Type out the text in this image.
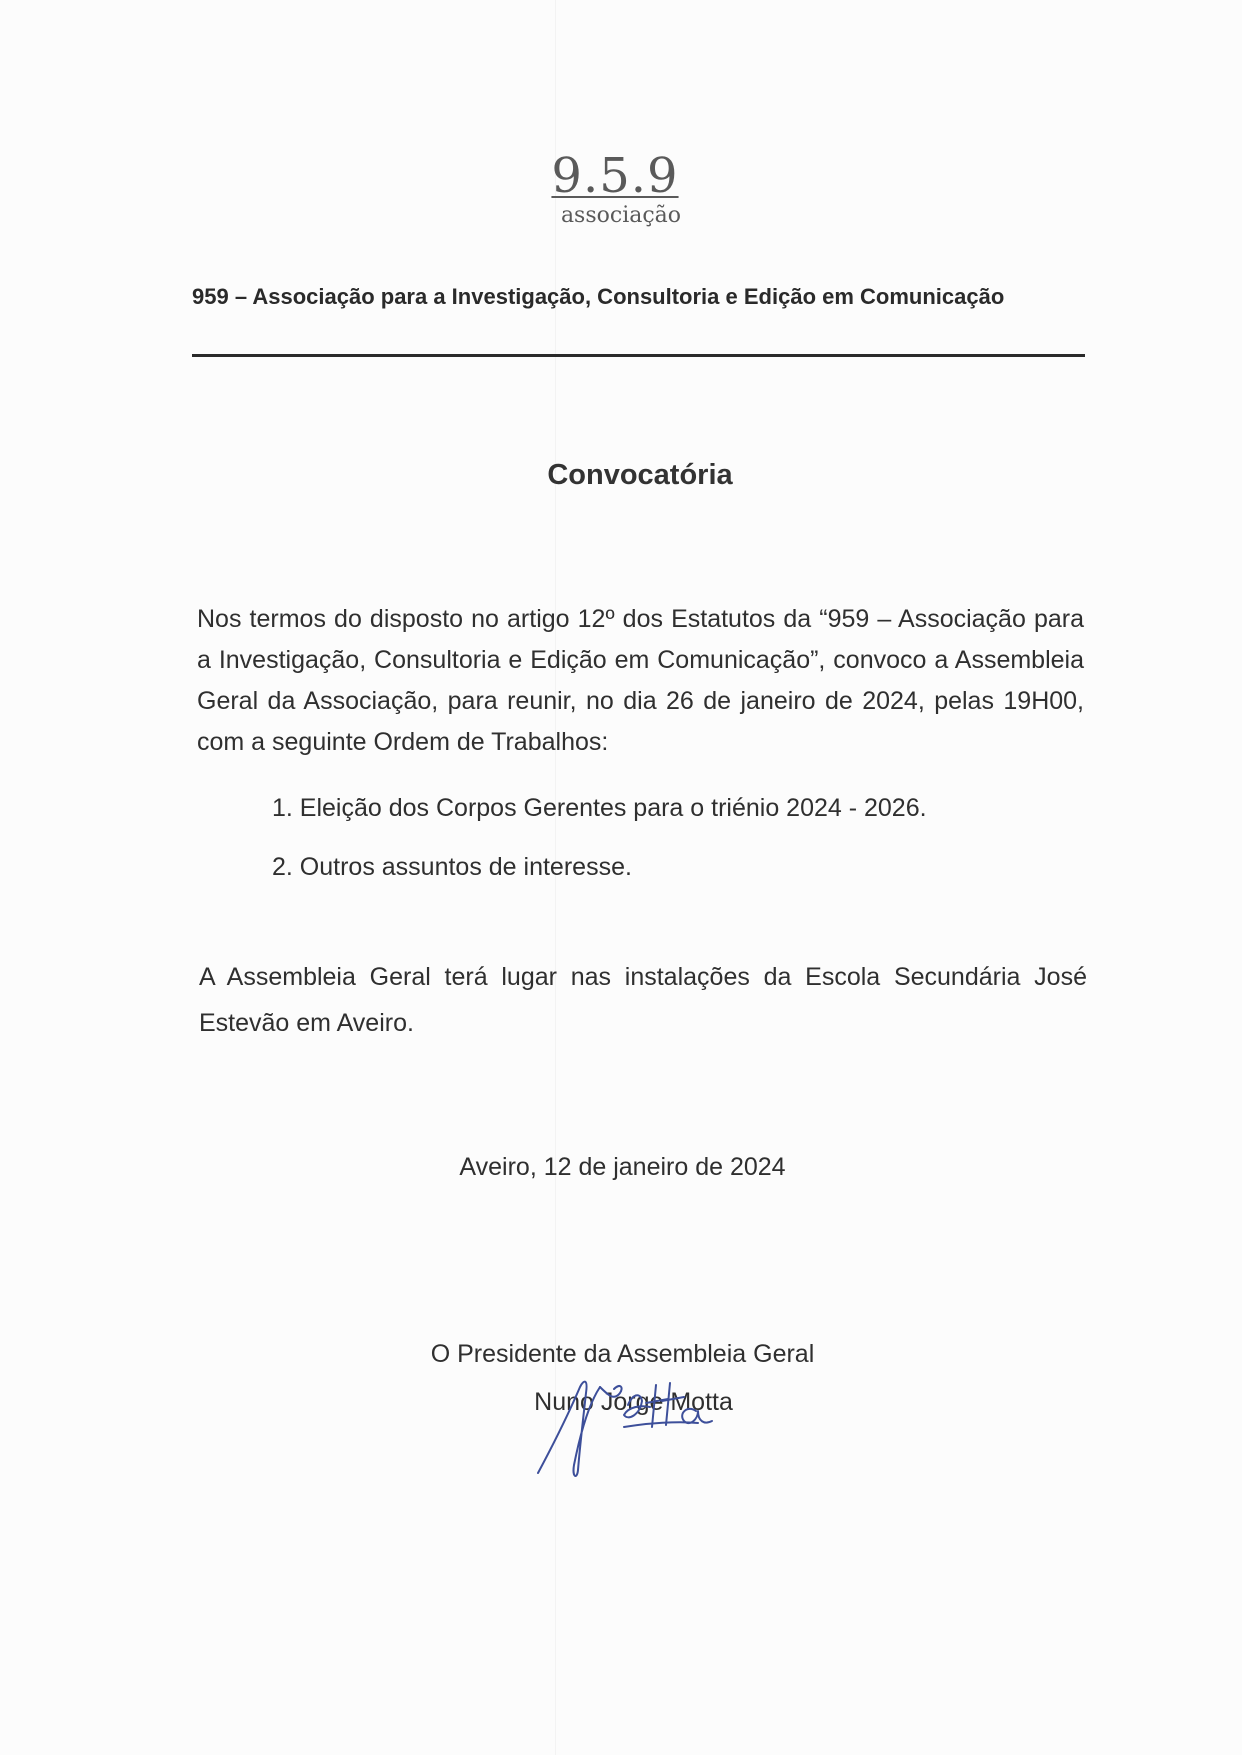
9.5.9
associação
959 – Associação para a Investigação, Consultoria e Edição em Comunicação
Convocatória
Nos termos do disposto no artigo 12º dos Estatutos da “959 – Associação para a Investigação, Consultoria e Edição em Comunicação”, convoco a Assembleia Geral da Associação, para reunir, no dia 26 de janeiro de 2024, pelas 19H00, com a seguinte Ordem de Trabalhos:
1. Eleição dos Corpos Gerentes para o triénio 2024 - 2026.
2. Outros assuntos de interesse.
A Assembleia Geral terá lugar nas instalações da Escola Secundária José Estevão em Aveiro.
Aveiro, 12 de janeiro de 2024
O Presidente da Assembleia Geral
Nuno Jorge Motta
